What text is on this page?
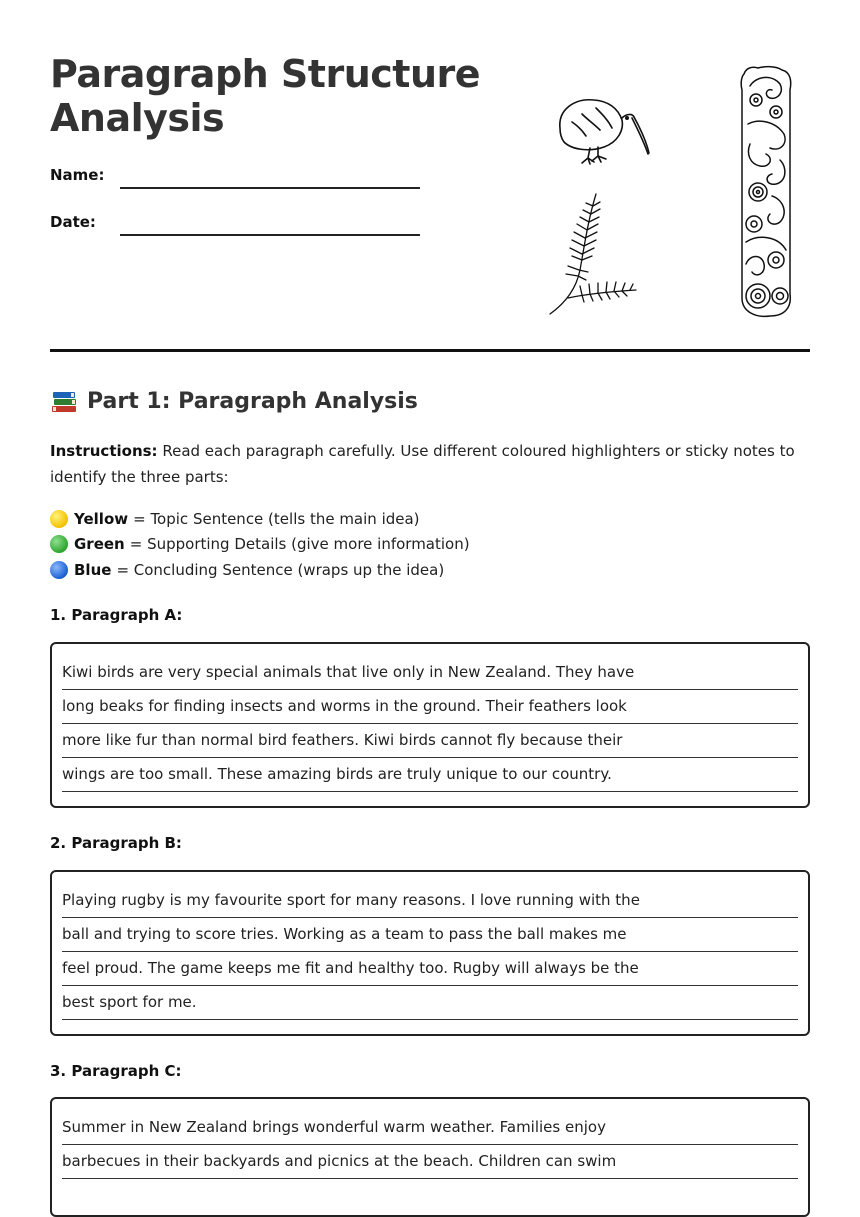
Paragraph Structure
Analysis
Name:
Date:
Part 1: Paragraph Analysis
Instructions: Read each paragraph carefully. Use different coloured highlighters or sticky notes to identify the three parts:
Yellow = Topic Sentence (tells the main idea)
Green = Supporting Details (give more information)
Blue = Concluding Sentence (wraps up the idea)
1. Paragraph A:
Kiwi birds are very special animals that live only in New Zealand. They have
long beaks for finding insects and worms in the ground. Their feathers look
more like fur than normal bird feathers. Kiwi birds cannot fly because their
wings are too small. These amazing birds are truly unique to our country.
2. Paragraph B:
Playing rugby is my favourite sport for many reasons. I love running with the
ball and trying to score tries. Working as a team to pass the ball makes me
feel proud. The game keeps me fit and healthy too. Rugby will always be the
best sport for me.
3. Paragraph C:
Summer in New Zealand brings wonderful warm weather. Families enjoy
barbecues in their backyards and picnics at the beach. Children can swim
